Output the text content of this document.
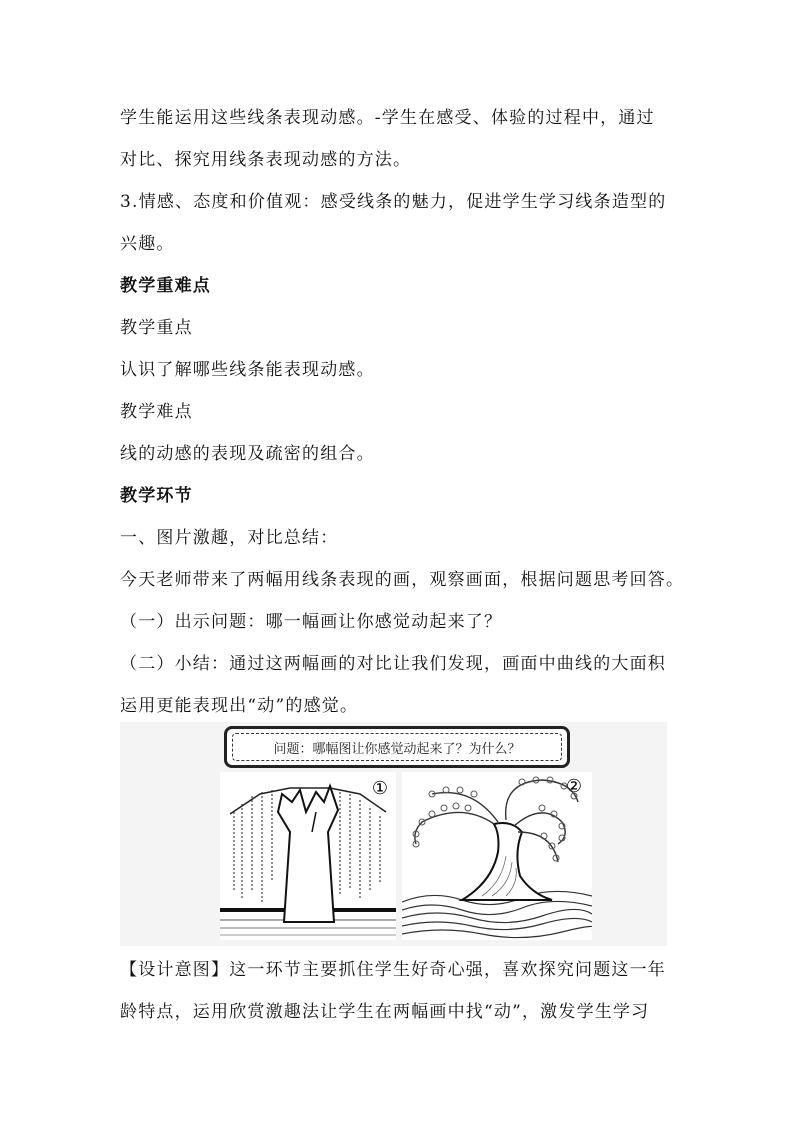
学生能运用这些线条表现动感。-学生在感受、体验的过程中，通过
对比、探究用线条表现动感的方法。
3.情感、态度和价值观：感受线条的魅力，促进学生学习线条造型的
兴趣。
教学重难点
教学重点
认识了解哪些线条能表现动感。
教学难点
线的动感的表现及疏密的组合。
教学环节
一、图片激趣，对比总结：
今天老师带来了两幅用线条表现的画，观察画面，根据问题思考回答。
（一）出示问题：哪一幅画让你感觉动起来了？
（二）小结：通过这两幅画的对比让我们发现，画面中曲线的大面积
运用更能表现出“动”的感觉。
问题：哪幅图让你感觉动起来了？为什么？
①	②
【设计意图】这一环节主要抓住学生好奇心强，喜欢探究问题这一年
龄特点，运用欣赏激趣法让学生在两幅画中找“动”，激发学生学习
